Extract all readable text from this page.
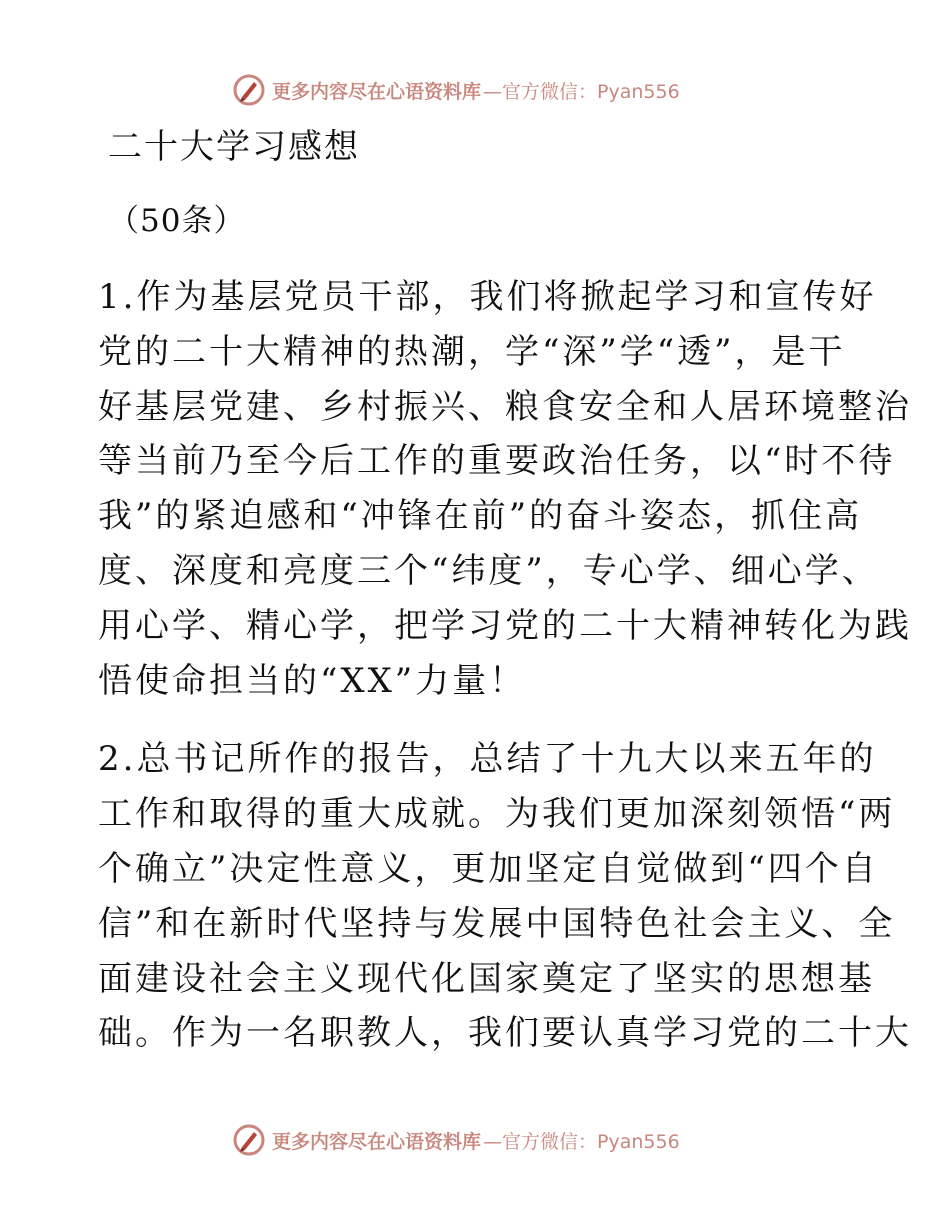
更多内容尽在心语资料库 —官方微信：Pyan556
二十大学习感想
（50条）
1.作为基层党员干部，我们将掀起学习和宣传好
党的二十大精神的热潮，学“深”学“透”，是干
好基层党建、乡村振兴、粮食安全和人居环境整治
等当前乃至今后工作的重要政治任务，以“时不待
我”的紧迫感和“冲锋在前”的奋斗姿态，抓住高
度、深度和亮度三个“纬度”，专心学、细心学、
用心学、精心学，把学习党的二十大精神转化为践
悟使命担当的“XX”力量！
2.总书记所作的报告，总结了十九大以来五年的
工作和取得的重大成就。为我们更加深刻领悟“两
个确立”决定性意义，更加坚定自觉做到“四个自
信”和在新时代坚持与发展中国特色社会主义、全
面建设社会主义现代化国家奠定了坚实的思想基
础。作为一名职教人，我们要认真学习党的二十大
更多内容尽在心语资料库 —官方微信：Pyan556
